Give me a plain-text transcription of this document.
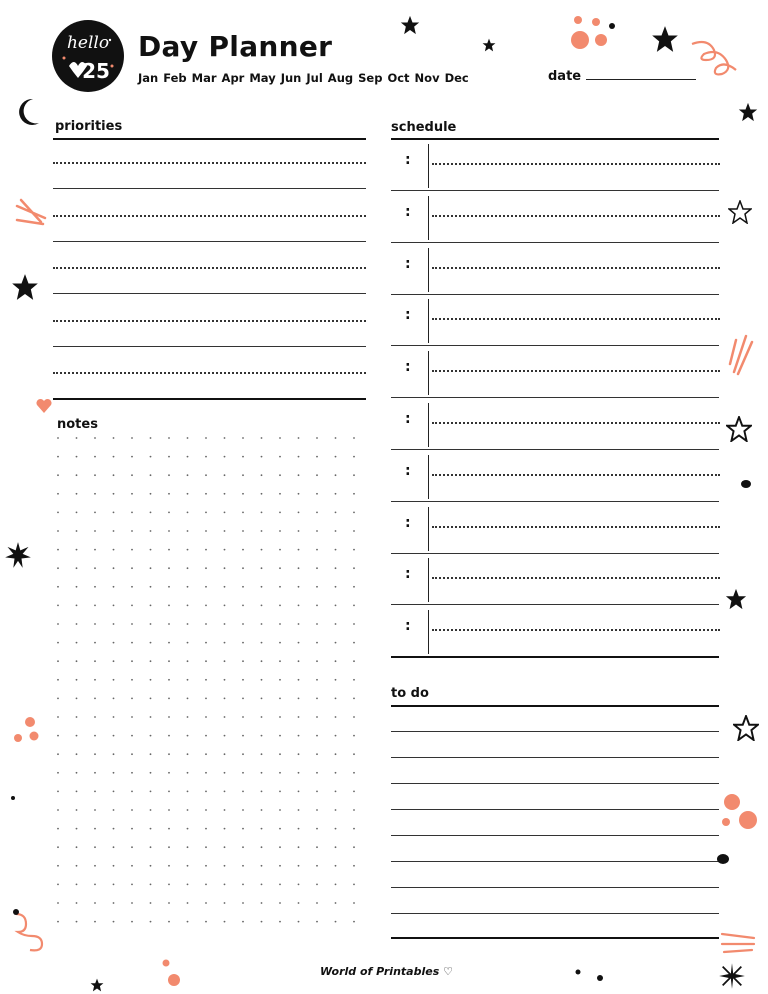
hello
25
Day Planner
Jan Feb Mar Apr May Jun Jul Aug Sep Oct Nov Dec	date
priorities
notes
schedule
:
:
:
:
:
:
:
:
:
:
to do
World of Printables ♡
